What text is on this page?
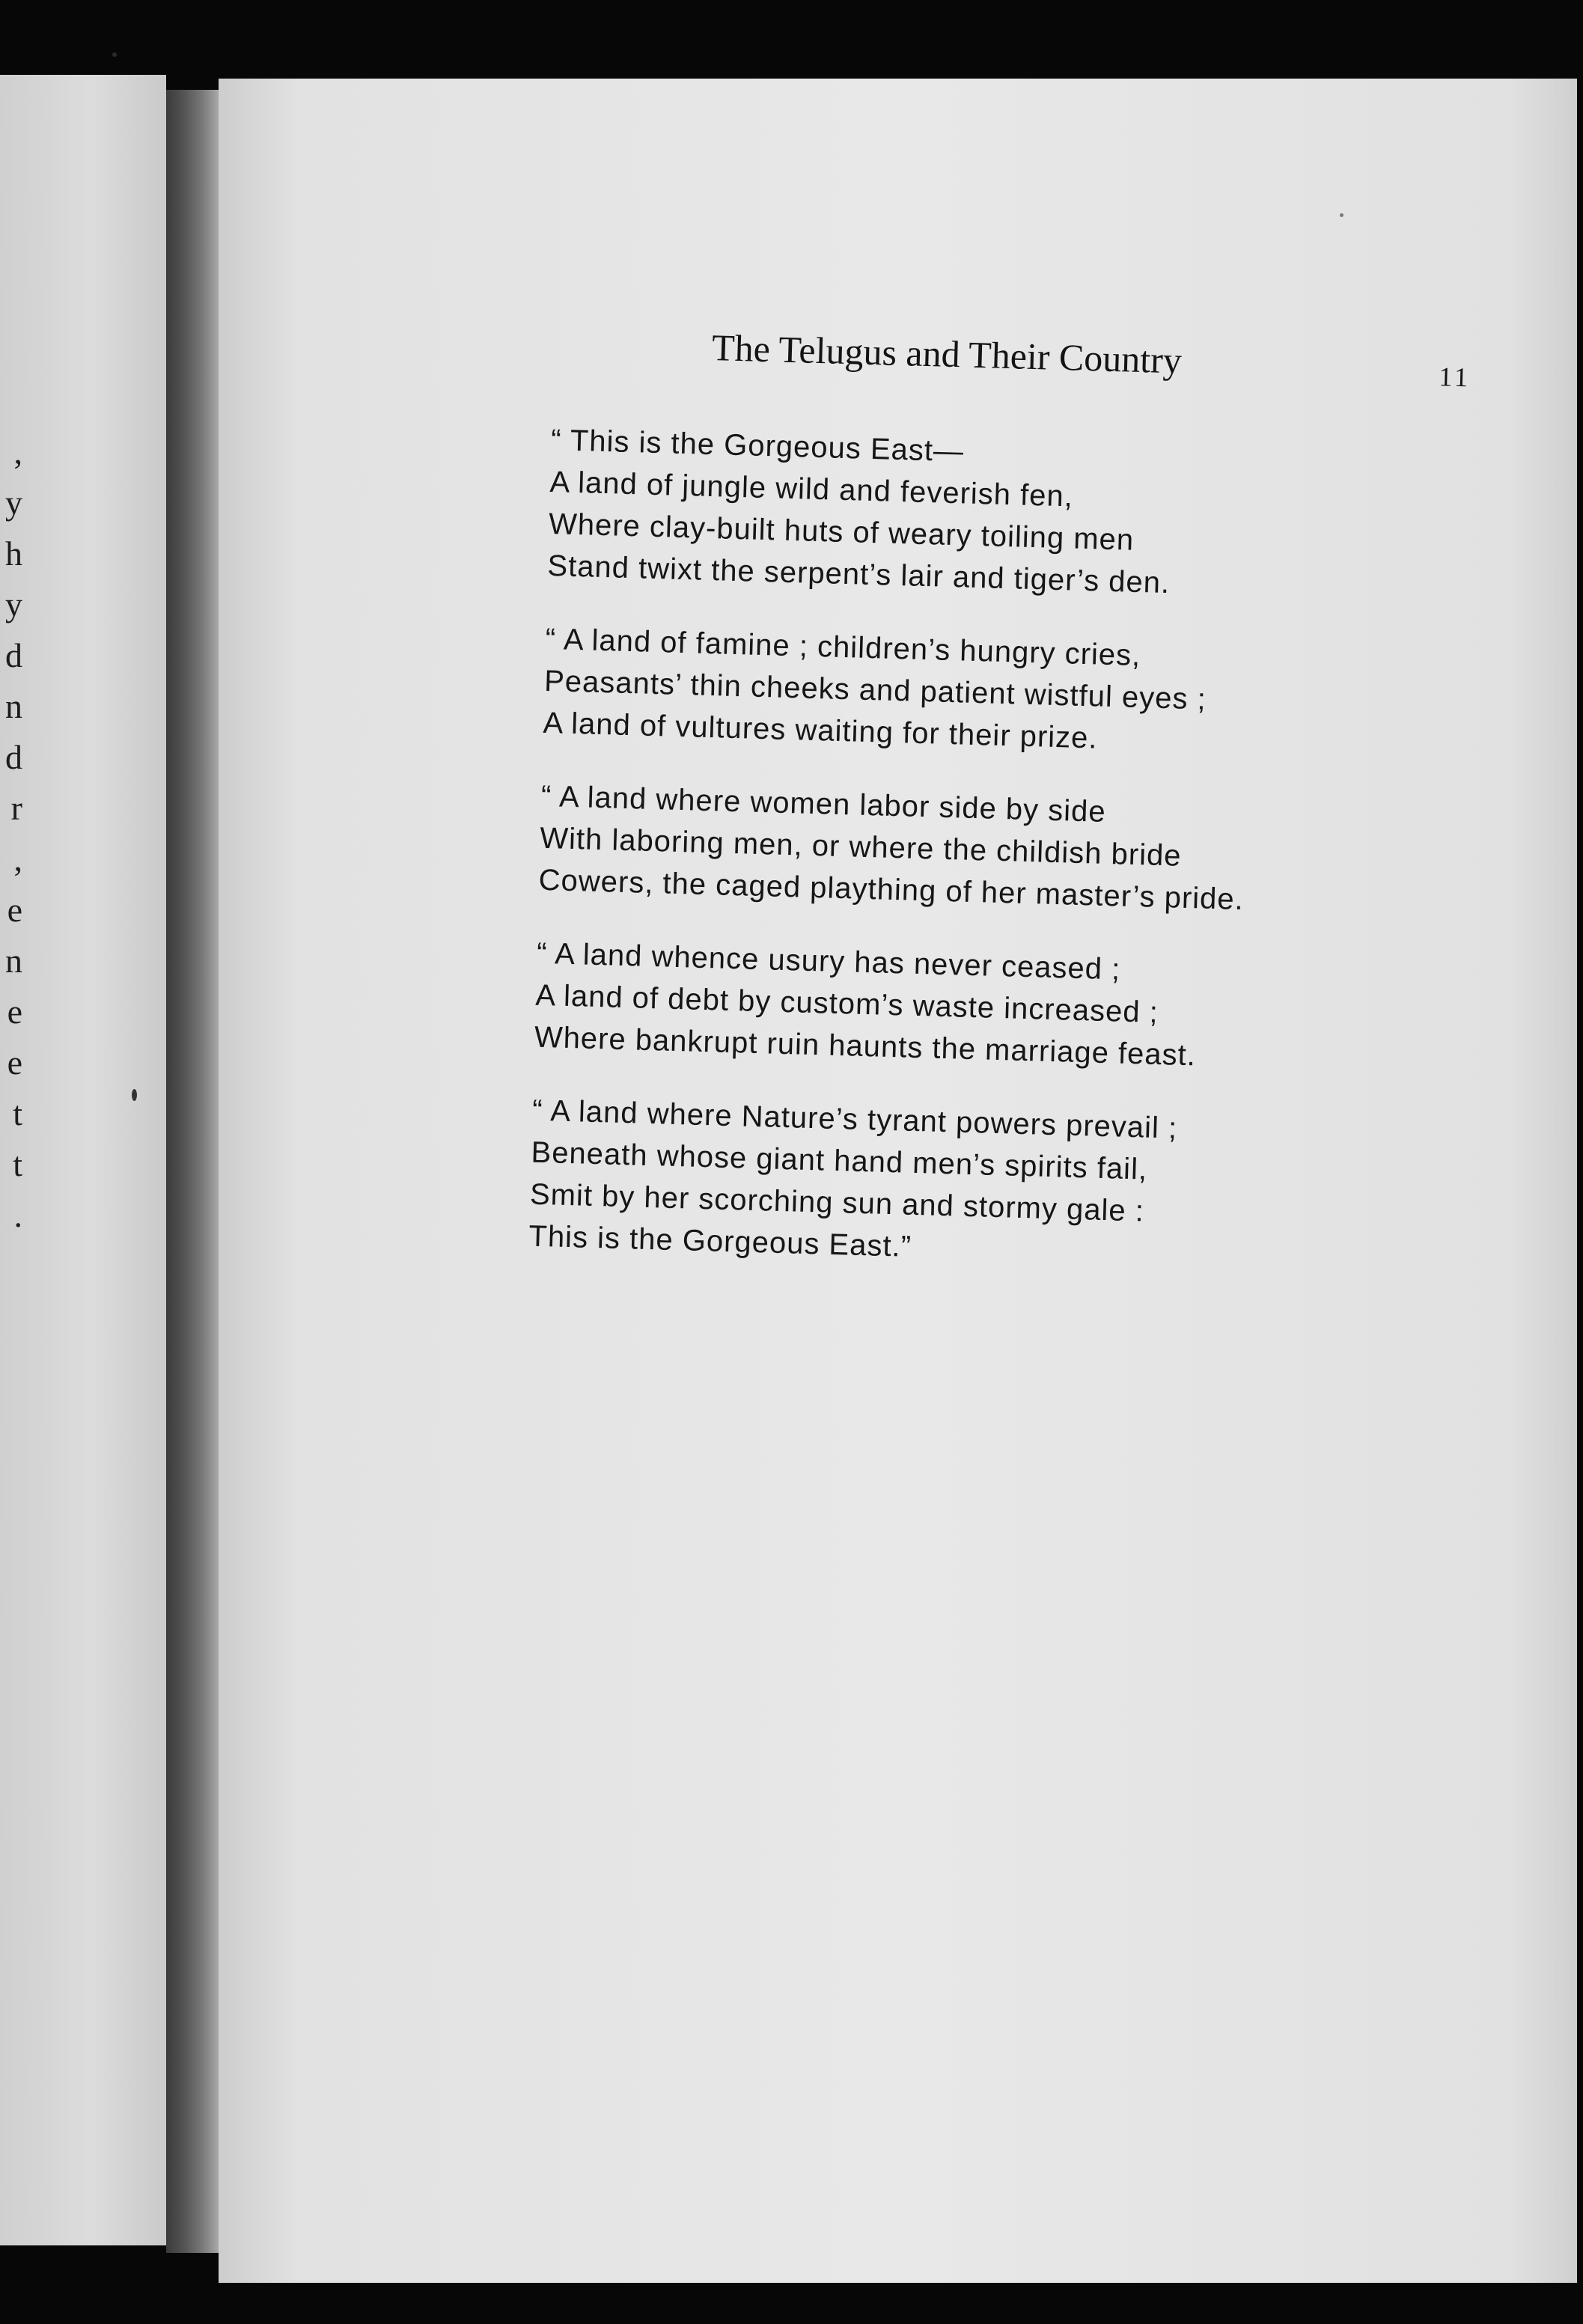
,
y
h
y
d
n
d
r
,
e
n
e
e
t
t
.
The Telugus and Their Country	11
“ This is the Gorgeous East—
A land of jungle wild and feverish fen,
Where clay-built huts of weary toiling men
Stand twixt the serpent’s lair and tiger’s den.
“ A land of famine ; children’s hungry cries,
Peasants’ thin cheeks and patient wistful eyes ;
A land of vultures waiting for their prize.
“ A land where women labor side by side
With laboring men, or where the childish bride
Cowers, the caged plaything of her master’s pride.
“ A land whence usury has never ceased ;
A land of debt by custom’s waste increased ;
Where bankrupt ruin haunts the marriage feast.
“ A land where Nature’s tyrant powers prevail ;
Beneath whose giant hand men’s spirits fail,
Smit by her scorching sun and stormy gale :
This is the Gorgeous East.”
